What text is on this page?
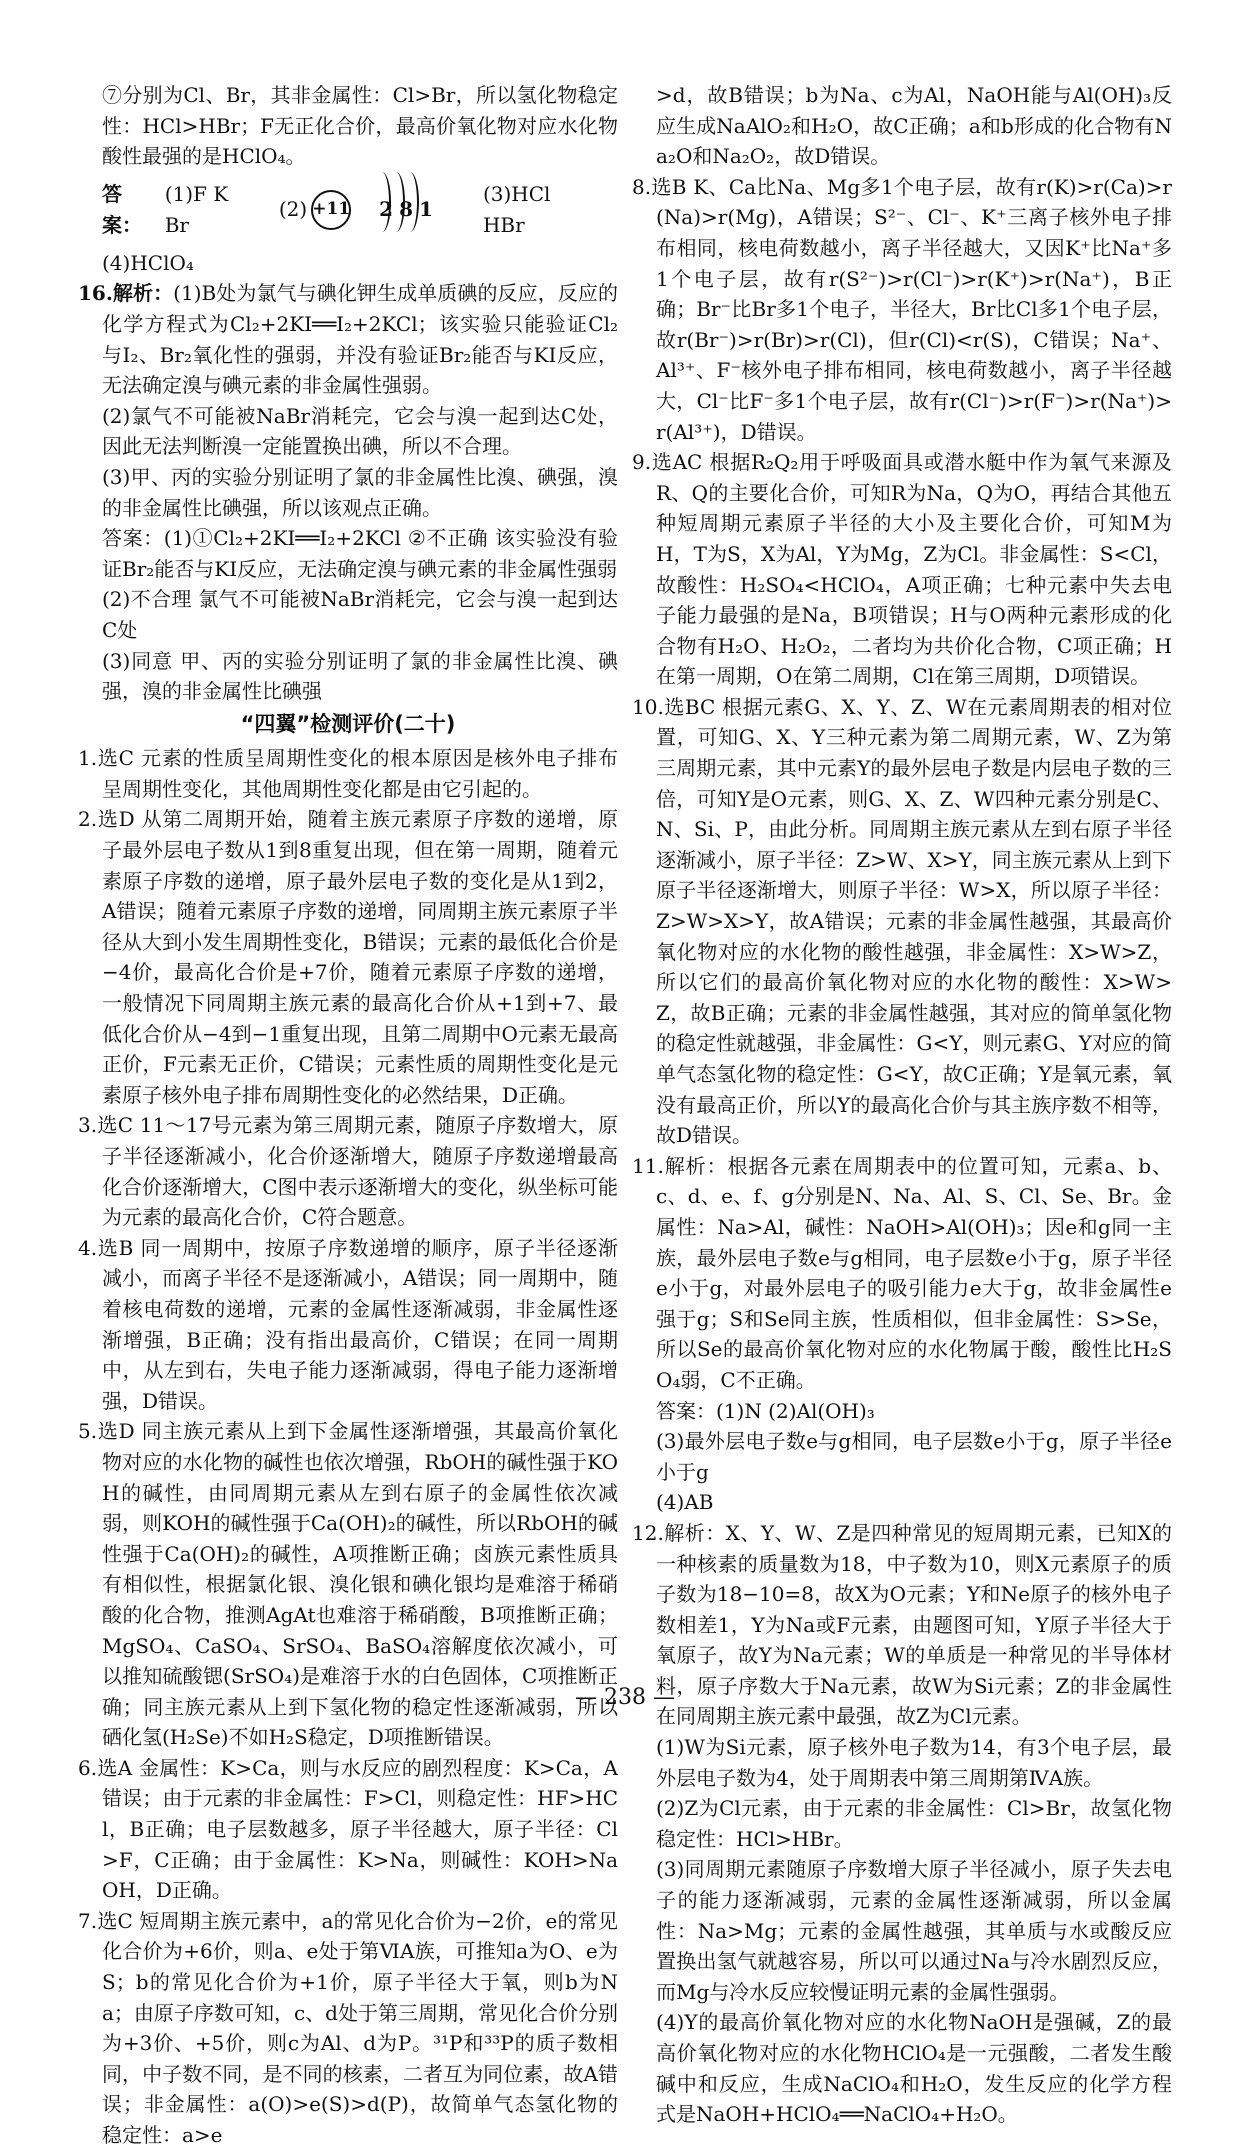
⑦分别为Cl、Br，其非金属性：Cl>Br，所以氢化物稳定性：HCl>HBr；F无正化合价，最高价氧化物对应水化物酸性最强的是HClO₄。

答案：
(1)F K Br
(2) +11 2 8 1
(3)HCl HBr

(4)HClO₄

16.解析：(1)B处为氯气与碘化钾生成单质碘的反应，反应的化学方程式为Cl₂+2KI══I₂+2KCl；该实验只能验证Cl₂与I₂、Br₂氧化性的强弱，并没有验证Br₂能否与KI反应，无法确定溴与碘元素的非金属性强弱。

(2)氯气不可能被NaBr消耗完，它会与溴一起到达C处，因此无法判断溴一定能置换出碘，所以不合理。

(3)甲、丙的实验分别证明了氯的非金属性比溴、碘强，溴的非金属性比碘强，所以该观点正确。

答案：(1)①Cl₂+2KI══I₂+2KCl ②不正确 该实验没有验证Br₂能否与KI反应，无法确定溴与碘元素的非金属性强弱

(2)不合理 氯气不可能被NaBr消耗完，它会与溴一起到达C处

(3)同意 甲、丙的实验分别证明了氯的非金属性比溴、碘强，溴的非金属性比碘强

“四翼”检测评价(二十)

1.选C 元素的性质呈周期性变化的根本原因是核外电子排布呈周期性变化，其他周期性变化都是由它引起的。

2.选D 从第二周期开始，随着主族元素原子序数的递增，原子最外层电子数从1到8重复出现，但在第一周期，随着元素原子序数的递增，原子最外层电子数的变化是从1到2，A错误；随着元素原子序数的递增，同周期主族元素原子半径从大到小发生周期性变化，B错误；元素的最低化合价是−4价，最高化合价是+7价，随着元素原子序数的递增，一般情况下同周期主族元素的最高化合价从+1到+7、最低化合价从−4到−1重复出现，且第二周期中O元素无最高正价，F元素无正价，C错误；元素性质的周期性变化是元素原子核外电子排布周期性变化的必然结果，D正确。

3.选C 11～17号元素为第三周期元素，随原子序数增大，原子半径逐渐减小，化合价逐渐增大，随原子序数递增最高化合价逐渐增大，C图中表示逐渐增大的变化，纵坐标可能为元素的最高化合价，C符合题意。

4.选B 同一周期中，按原子序数递增的顺序，原子半径逐渐减小，而离子半径不是逐渐减小，A错误；同一周期中，随着核电荷数的递增，元素的金属性逐渐减弱，非金属性逐渐增强，B正确；没有指出最高价，C错误；在同一周期中，从左到右，失电子能力逐渐减弱，得电子能力逐渐增强，D错误。

5.选D 同主族元素从上到下金属性逐渐增强，其最高价氧化物对应的水化物的碱性也依次增强，RbOH的碱性强于KOH的碱性，由同周期元素从左到右原子的金属性依次减弱，则KOH的碱性强于Ca(OH)₂的碱性，所以RbOH的碱性强于Ca(OH)₂的碱性，A项推断正确；卤族元素性质具有相似性，根据氯化银、溴化银和碘化银均是难溶于稀硝酸的化合物，推测AgAt也难溶于稀硝酸，B项推断正确；MgSO₄、CaSO₄、SrSO₄、BaSO₄溶解度依次减小，可以推知硫酸锶(SrSO₄)是难溶于水的白色固体，C项推断正确；同主族元素从上到下氢化物的稳定性逐渐减弱，所以硒化氢(H₂Se)不如H₂S稳定，D项推断错误。

6.选A 金属性：K>Ca，则与水反应的剧烈程度：K>Ca，A错误；由于元素的非金属性：F>Cl，则稳定性：HF>HCl，B正确；电子层数越多，原子半径越大，原子半径：Cl>F，C正确；由于金属性：K>Na，则碱性：KOH>NaOH，D正确。

7.选C 短周期主族元素中，a的常见化合价为−2价，e的常见化合价为+6价，则a、e处于第ⅥA族，可推知a为O、e为S；b的常见化合价为+1价，原子半径大于氧，则b为Na；由原子序数可知，c、d处于第三周期，常见化合价分别为+3价、+5价，则c为Al、d为P。³¹P和³³P的质子数相同，中子数不同，是不同的核素，二者互为同位素，故A错误；非金属性：a(O)>e(S)>d(P)，故简单气态氢化物的稳定性：a>e

>d，故B错误；b为Na、c为Al，NaOH能与Al(OH)₃反应生成NaAlO₂和H₂O，故C正确；a和b形成的化合物有Na₂O和Na₂O₂，故D错误。

8.选B K、Ca比Na、Mg多1个电子层，故有r(K)>r(Ca)>r(Na)>r(Mg)，A错误；S²⁻、Cl⁻、K⁺三离子核外电子排布相同，核电荷数越小，离子半径越大，又因K⁺比Na⁺多1个电子层，故有r(S²⁻)>r(Cl⁻)>r(K⁺)>r(Na⁺)，B正确；Br⁻比Br多1个电子，半径大，Br比Cl多1个电子层，故r(Br⁻)>r(Br)>r(Cl)，但r(Cl)<r(S)，C错误；Na⁺、Al³⁺、F⁻核外电子排布相同，核电荷数越小，离子半径越大，Cl⁻比F⁻多1个电子层，故有r(Cl⁻)>r(F⁻)>r(Na⁺)>r(Al³⁺)，D错误。

9.选AC 根据R₂Q₂用于呼吸面具或潜水艇中作为氧气来源及R、Q的主要化合价，可知R为Na，Q为O，再结合其他五种短周期元素原子半径的大小及主要化合价，可知M为H，T为S，X为Al，Y为Mg，Z为Cl。非金属性：S<Cl，故酸性：H₂SO₄<HClO₄，A项正确；七种元素中失去电子能力最强的是Na，B项错误；H与O两种元素形成的化合物有H₂O、H₂O₂，二者均为共价化合物，C项正确；H在第一周期，O在第二周期，Cl在第三周期，D项错误。

10.选BC 根据元素G、X、Y、Z、W在元素周期表的相对位置，可知G、X、Y三种元素为第二周期元素，W、Z为第三周期元素，其中元素Y的最外层电子数是内层电子数的三倍，可知Y是O元素，则G、X、Z、W四种元素分别是C、N、Si、P，由此分析。同周期主族元素从左到右原子半径逐渐减小，原子半径：Z>W、X>Y，同主族元素从上到下原子半径逐渐增大，则原子半径：W>X，所以原子半径：Z>W>X>Y，故A错误；元素的非金属性越强，其最高价氧化物对应的水化物的酸性越强，非金属性：X>W>Z，所以它们的最高价氧化物对应的水化物的酸性：X>W>Z，故B正确；元素的非金属性越强，其对应的简单氢化物的稳定性就越强，非金属性：G<Y，则元素G、Y对应的简单气态氢化物的稳定性：G<Y，故C正确；Y是氧元素，氧没有最高正价，所以Y的最高化合价与其主族序数不相等，故D错误。

11.解析：根据各元素在周期表中的位置可知，元素a、b、c、d、e、f、g分别是N、Na、Al、S、Cl、Se、Br。金属性：Na>Al，碱性：NaOH>Al(OH)₃；因e和g同一主族，最外层电子数e与g相同，电子层数e小于g，原子半径e小于g，对最外层电子的吸引能力e大于g，故非金属性e强于g；S和Se同主族，性质相似，但非金属性：S>Se，所以Se的最高价氧化物对应的水化物属于酸，酸性比H₂SO₄弱，C不正确。

答案：(1)N (2)Al(OH)₃

(3)最外层电子数e与g相同，电子层数e小于g，原子半径e小于g

(4)AB

12.解析：X、Y、W、Z是四种常见的短周期元素，已知X的一种核素的质量数为18，中子数为10，则X元素原子的质子数为18−10=8，故X为O元素；Y和Ne原子的核外电子数相差1，Y为Na或F元素，由题图可知，Y原子半径大于氧原子，故Y为Na元素；W的单质是一种常见的半导体材料，原子序数大于Na元素，故W为Si元素；Z的非金属性在同周期主族元素中最强，故Z为Cl元素。

(1)W为Si元素，原子核外电子数为14，有3个电子层，最外层电子数为4，处于周期表中第三周期第ⅣA族。

(2)Z为Cl元素，由于元素的非金属性：Cl>Br，故氢化物稳定性：HCl>HBr。

(3)同周期元素随原子序数增大原子半径减小，原子失去电子的能力逐渐减弱，元素的金属性逐渐减弱，所以金属性：Na>Mg；元素的金属性越强，其单质与水或酸反应置换出氢气就越容易，所以可以通过Na与冷水剧烈反应，而Mg与冷水反应较慢证明元素的金属性强弱。

(4)Y的最高价氧化物对应的水化物NaOH是强碱，Z的最高价氧化物对应的水化物HClO₄是一元强酸，二者发生酸碱中和反应，生成NaClO₄和H₂O，发生反应的化学方程式是NaOH+HClO₄══NaClO₄+H₂O。

— 238 —
